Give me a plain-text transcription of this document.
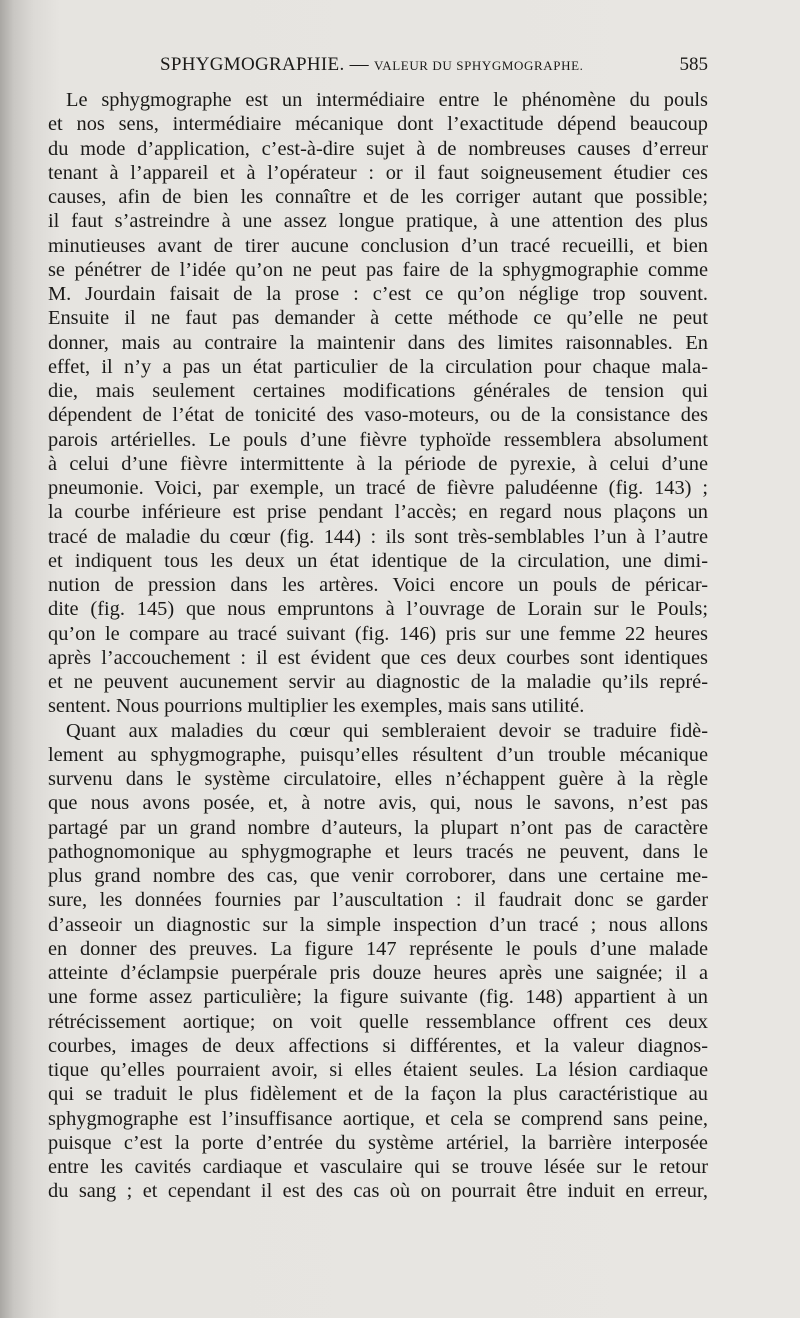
SPHYGMOGRAPHIE. — VALEUR DU SPHYGMOGRAPHE.	585
Le sphygmographe est un intermédiaire entre le phénomène du pouls
et nos sens, intermédiaire mécanique dont l’exactitude dépend beaucoup
du mode d’application, c’est-à-dire sujet à de nombreuses causes d’erreur
tenant à l’appareil et à l’opérateur : or il faut soigneusement étudier ces
causes, afin de bien les connaître et de les corriger autant que possible;
il faut s’astreindre à une assez longue pratique, à une attention des plus
minutieuses avant de tirer aucune conclusion d’un tracé recueilli, et bien
se pénétrer de l’idée qu’on ne peut pas faire de la sphygmographie comme
M. Jourdain faisait de la prose : c’est ce qu’on néglige trop souvent.
Ensuite il ne faut pas demander à cette méthode ce qu’elle ne peut
donner, mais au contraire la maintenir dans des limites raisonnables. En
effet, il n’y a pas un état particulier de la circulation pour chaque mala-
die, mais seulement certaines modifications générales de tension qui
dépendent de l’état de tonicité des vaso-moteurs, ou de la consistance des
parois artérielles. Le pouls d’une fièvre typhoïde ressemblera absolument
à celui d’une fièvre intermittente à la période de pyrexie, à celui d’une
pneumonie. Voici, par exemple, un tracé de fièvre paludéenne (fig. 143) ;
la courbe inférieure est prise pendant l’accès; en regard nous plaçons un
tracé de maladie du cœur (fig. 144) : ils sont très-semblables l’un à l’autre
et indiquent tous les deux un état identique de la circulation, une dimi-
nution de pression dans les artères. Voici encore un pouls de péricar-
dite (fig. 145) que nous empruntons à l’ouvrage de Lorain sur le Pouls;
qu’on le compare au tracé suivant (fig. 146) pris sur une femme 22 heures
après l’accouchement : il est évident que ces deux courbes sont identiques
et ne peuvent aucunement servir au diagnostic de la maladie qu’ils repré-
sentent. Nous pourrions multiplier les exemples, mais sans utilité.
Quant aux maladies du cœur qui sembleraient devoir se traduire fidè-
lement au sphygmographe, puisqu’elles résultent d’un trouble mécanique
survenu dans le système circulatoire, elles n’échappent guère à la règle
que nous avons posée, et, à notre avis, qui, nous le savons, n’est pas
partagé par un grand nombre d’auteurs, la plupart n’ont pas de caractère
pathognomonique au sphygmographe et leurs tracés ne peuvent, dans le
plus grand nombre des cas, que venir corroborer, dans une certaine me-
sure, les données fournies par l’auscultation : il faudrait donc se garder
d’asseoir un diagnostic sur la simple inspection d’un tracé ; nous allons
en donner des preuves. La figure 147 représente le pouls d’une malade
atteinte d’éclampsie puerpérale pris douze heures après une saignée; il a
une forme assez particulière; la figure suivante (fig. 148) appartient à un
rétrécissement aortique; on voit quelle ressemblance offrent ces deux
courbes, images de deux affections si différentes, et la valeur diagnos-
tique qu’elles pourraient avoir, si elles étaient seules. La lésion cardiaque
qui se traduit le plus fidèlement et de la façon la plus caractéristique au
sphygmographe est l’insuffisance aortique, et cela se comprend sans peine,
puisque c’est la porte d’entrée du système artériel, la barrière interposée
entre les cavités cardiaque et vasculaire qui se trouve lésée sur le retour
du sang ; et cependant il est des cas où on pourrait être induit en erreur,
